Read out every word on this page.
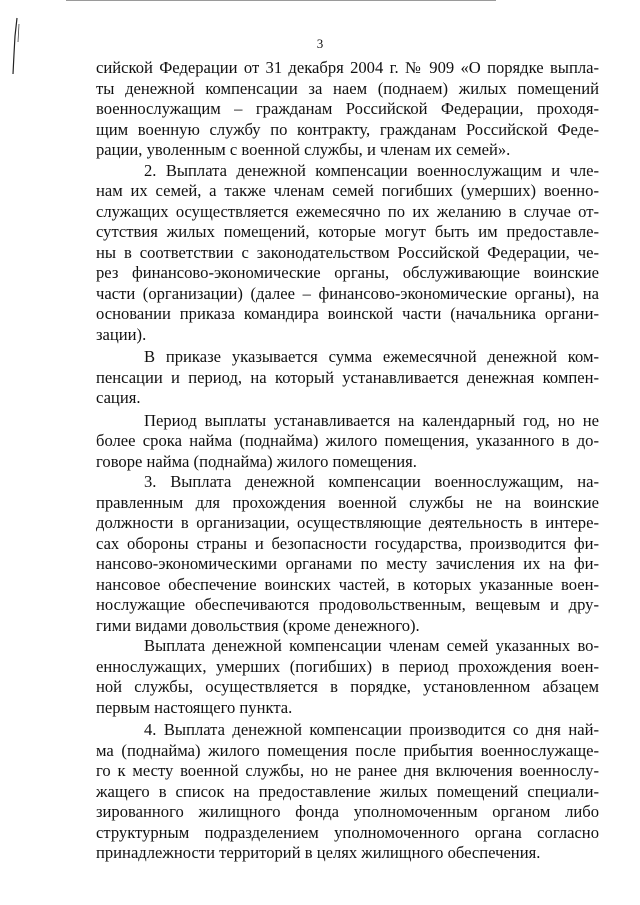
3
сийской Федерации от 31 декабря 2004 г. № 909 «О порядке выпла-
ты денежной компенсации за наем (поднаем) жилых помещений
военнослужащим – гражданам Российской Федерации, проходя-
щим военную службу по контракту, гражданам Российской Феде-
рации, уволенным с военной службы, и членам их семей».
2. Выплата денежной компенсации военнослужащим и чле-
нам их семей, а также членам семей погибших (умерших) военно-
служащих осуществляется ежемесячно по их желанию в случае от-
сутствия жилых помещений, которые могут быть им предоставле-
ны в соответствии с законодательством Российской Федерации, че-
рез финансово-экономические органы, обслуживающие воинские
части (организации) (далее – финансово-экономические органы), на
основании приказа командира воинской части (начальника органи-
зации).
В приказе указывается сумма ежемесячной денежной ком-
пенсации и период, на который устанавливается денежная компен-
сация.
Период выплаты устанавливается на календарный год, но не
более срока найма (поднайма) жилого помещения, указанного в до-
говоре найма (поднайма) жилого помещения.
3. Выплата денежной компенсации военнослужащим, на-
правленным для прохождения военной службы не на воинские
должности в организации, осуществляющие деятельность в интере-
сах обороны страны и безопасности государства, производится фи-
нансово-экономическими органами по месту зачисления их на фи-
нансовое обеспечение воинских частей, в которых указанные воен-
нослужащие обеспечиваются продовольственным, вещевым и дру-
гими видами довольствия (кроме денежного).
Выплата денежной компенсации членам семей указанных во-
еннослужащих, умерших (погибших) в период прохождения воен-
ной службы, осуществляется в порядке, установленном абзацем
первым настоящего пункта.
4. Выплата денежной компенсации производится со дня най-
ма (поднайма) жилого помещения после прибытия военнослужаще-
го к месту военной службы, но не ранее дня включения военнослу-
жащего в список на предоставление жилых помещений специали-
зированного жилищного фонда уполномоченным органом либо
структурным подразделением уполномоченного органа согласно
принадлежности территорий в целях жилищного обеспечения.
